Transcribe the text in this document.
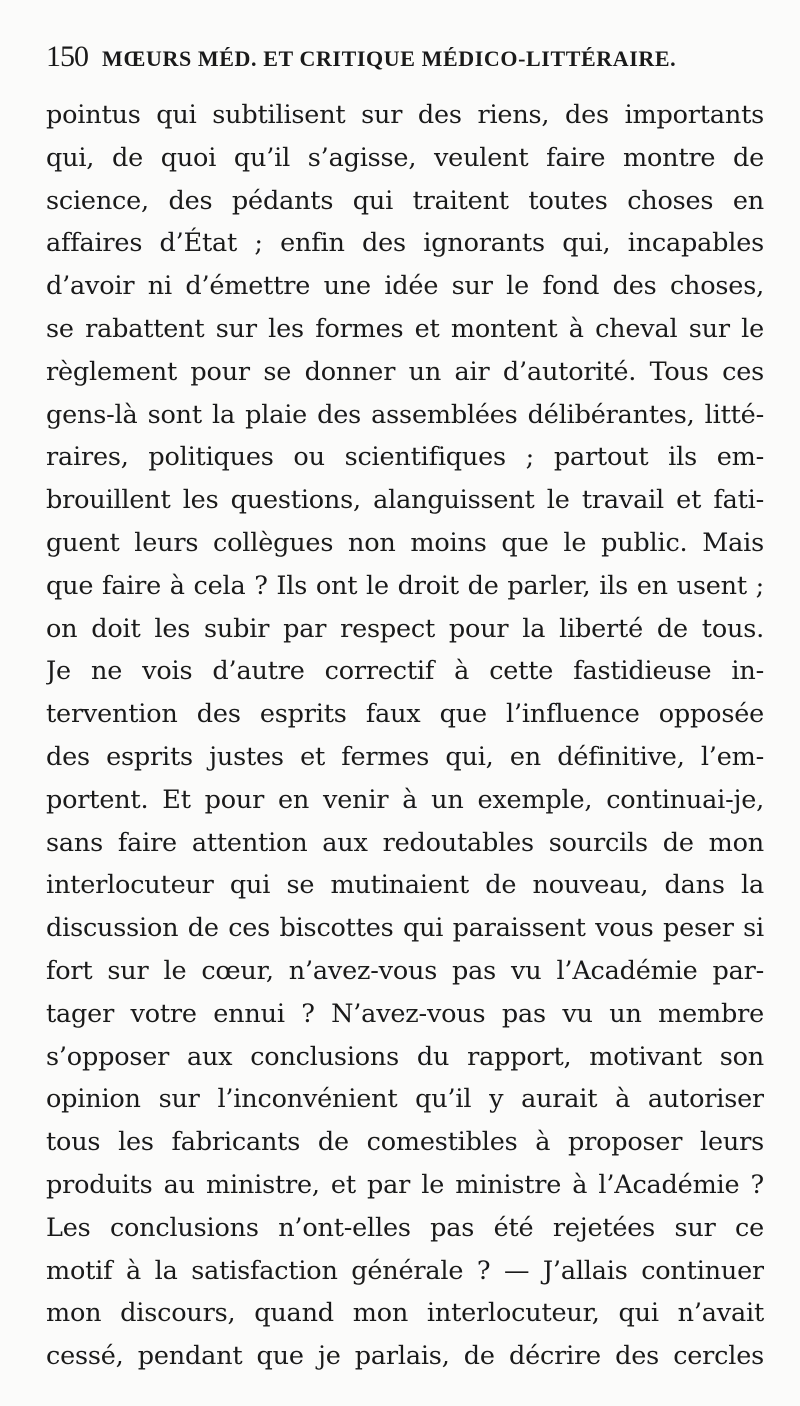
150 MŒURS MÉD. ET CRITIQUE MÉDICO-LITTÉRAIRE.
pointus qui subtilisent sur des riens, des importants
qui, de quoi qu’il s’agisse, veulent faire montre de
science, des pédants qui traitent toutes choses en
affaires d’État ; enfin des ignorants qui, incapables
d’avoir ni d’émettre une idée sur le fond des choses,
se rabattent sur les formes et montent à cheval sur le
règlement pour se donner un air d’autorité. Tous ces
gens-là sont la plaie des assemblées délibérantes, litté-
raires, politiques ou scientifiques ; partout ils em-
brouillent les questions, alanguissent le travail et fati-
guent leurs collègues non moins que le public. Mais
que faire à cela ? Ils ont le droit de parler, ils en usent ;
on doit les subir par respect pour la liberté de tous.
Je ne vois d’autre correctif à cette fastidieuse in-
tervention des esprits faux que l’influence opposée
des esprits justes et fermes qui, en définitive, l’em-
portent. Et pour en venir à un exemple, continuai-je,
sans faire attention aux redoutables sourcils de mon
interlocuteur qui se mutinaient de nouveau, dans la
discussion de ces biscottes qui paraissent vous peser si
fort sur le cœur, n’avez-vous pas vu l’Académie par-
tager votre ennui ? N’avez-vous pas vu un membre
s’opposer aux conclusions du rapport, motivant son
opinion sur l’inconvénient qu’il y aurait à autoriser
tous les fabricants de comestibles à proposer leurs
produits au ministre, et par le ministre à l’Académie ?
Les conclusions n’ont-elles pas été rejetées sur ce
motif à la satisfaction générale ? — J’allais continuer
mon discours, quand mon interlocuteur, qui n’avait
cessé, pendant que je parlais, de décrire des cercles
